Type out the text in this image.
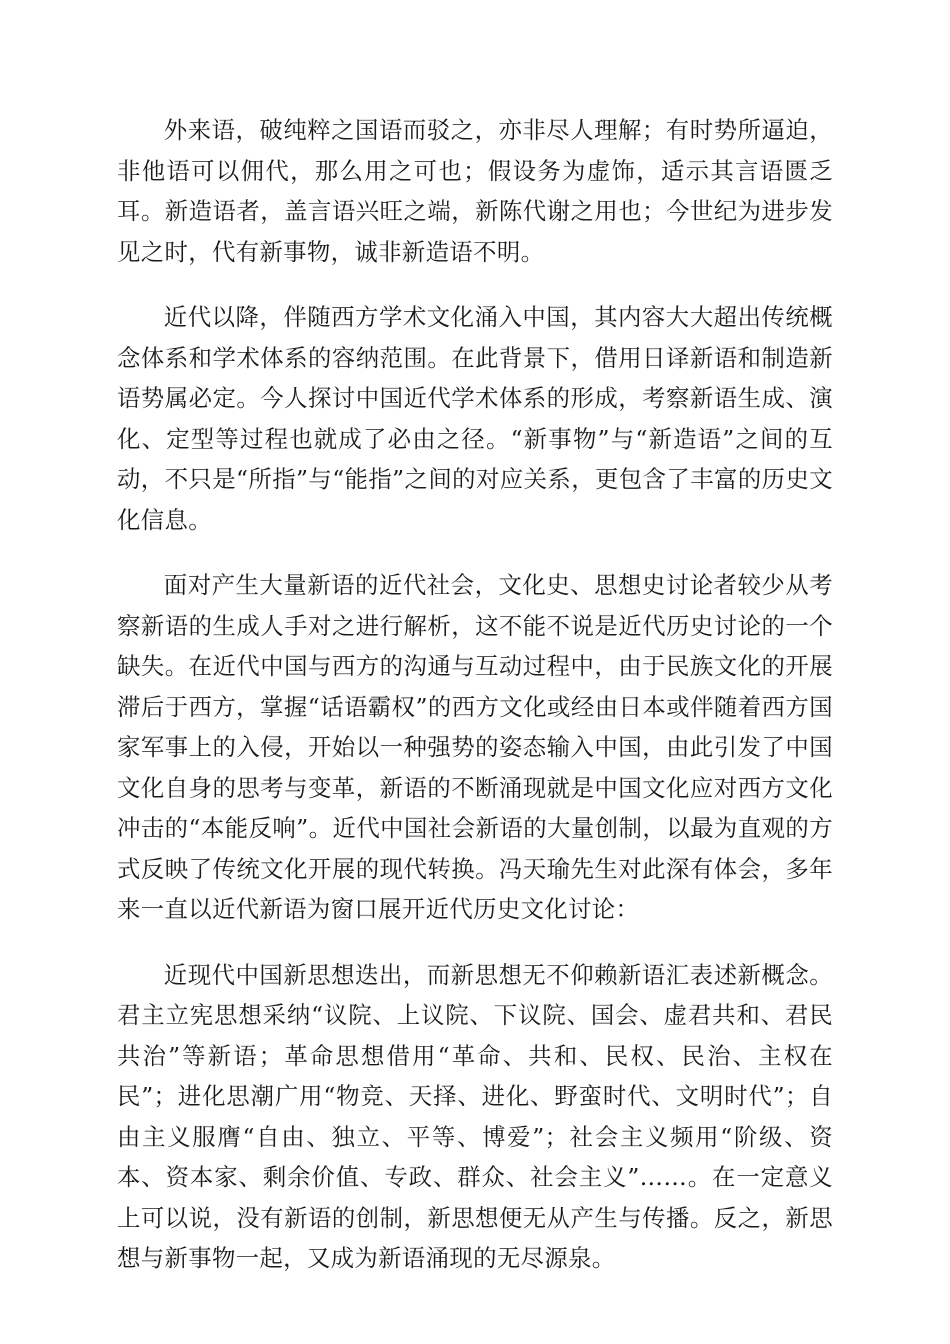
外来语，破纯粹之国语而驳之，亦非尽人理解；有时势所逼迫，非他语可以佣代，那么用之可也；假设务为虚饰，适示其言语匮乏耳。新造语者，盖言语兴旺之端，新陈代谢之用也；今世纪为进步发见之时，代有新事物，诚非新造语不明。

近代以降，伴随西方学术文化涌入中国，其内容大大超出传统概念体系和学术体系的容纳范围。在此背景下，借用日译新语和制造新语势属必定。今人探讨中国近代学术体系的形成，考察新语生成、演化、定型等过程也就成了必由之径。“新事物”与“新造语”之间的互动，不只是“所指”与“能指”之间的对应关系，更包含了丰富的历史文化信息。

面对产生大量新语的近代社会，文化史、思想史讨论者较少从考察新语的生成人手对之进行解析，这不能不说是近代历史讨论的一个缺失。在近代中国与西方的沟通与互动过程中，由于民族文化的开展滞后于西方，掌握“话语霸权”的西方文化或经由日本或伴随着西方国家军事上的入侵，开始以一种强势的姿态输入中国，由此引发了中国文化自身的思考与变革，新语的不断涌现就是中国文化应对西方文化冲击的“本能反响”。近代中国社会新语的大量创制，以最为直观的方式反映了传统文化开展的现代转换。冯天瑜先生对此深有体会，多年来一直以近代新语为窗口展开近代历史文化讨论：

近现代中国新思想迭出，而新思想无不仰赖新语汇表述新概念。君主立宪思想采纳“议院、上议院、下议院、国会、虚君共和、君民共治”等新语；革命思想借用“革命、共和、民权、民治、主权在民”；进化思潮广用“物竞、天择、进化、野蛮时代、文明时代”；自由主义服膺“自由、独立、平等、博爱”；社会主义频用“阶级、资本、资本家、剩余价值、专政、群众、社会主义”……。在一定意义上可以说，没有新语的创制，新思想便无从产生与传播。反之，新思想与新事物一起，又成为新语涌现的无尽源泉。
